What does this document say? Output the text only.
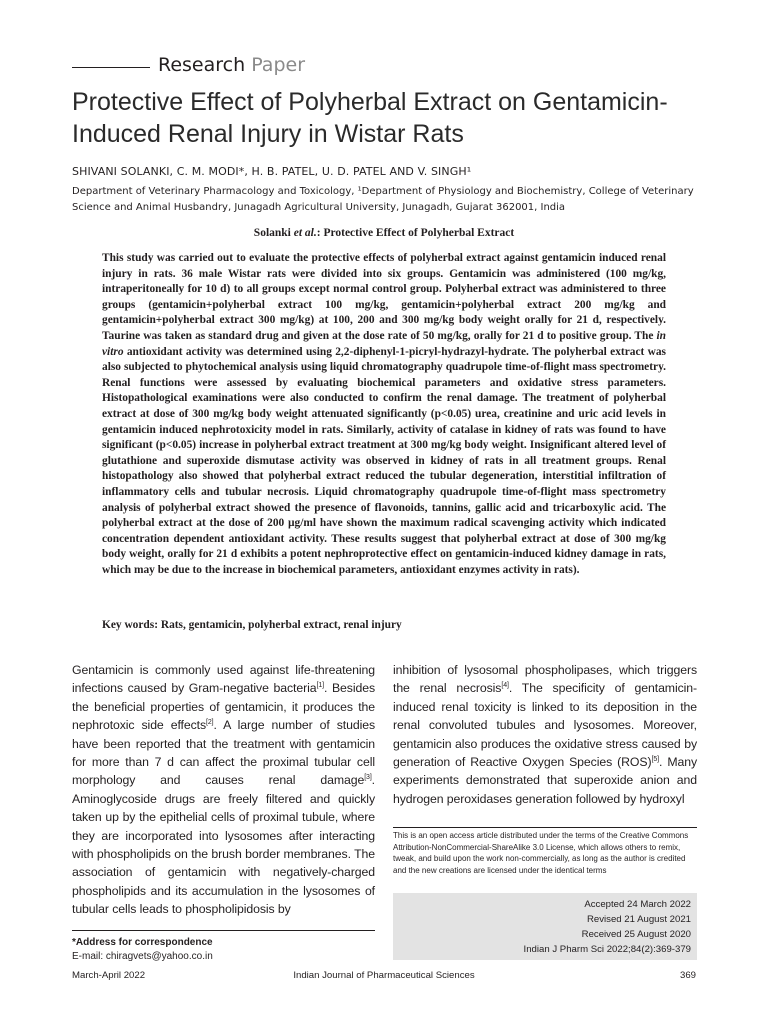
Research Paper
Protective Effect of Polyherbal Extract on Gentamicin-Induced Renal Injury in Wistar Rats
SHIVANI SOLANKI, C. M. MODI*, H. B. PATEL, U. D. PATEL AND V. SINGH¹
Department of Veterinary Pharmacology and Toxicology, ¹Department of Physiology and Biochemistry, College of Veterinary Science and Animal Husbandry, Junagadh Agricultural University, Junagadh, Gujarat 362001, India
Solanki et al.: Protective Effect of Polyherbal Extract

This study was carried out to evaluate the protective effects of polyherbal extract against gentamicin induced renal injury in rats. 36 male Wistar rats were divided into six groups. Gentamicin was administered (100 mg/kg, intraperitoneally for 10 d) to all groups except normal control group. Polyherbal extract was administered to three groups (gentamicin+polyherbal extract 100 mg/kg, gentamicin+polyherbal extract 200 mg/kg and gentamicin+polyherbal extract 300 mg/kg) at 100, 200 and 300 mg/kg body weight orally for 21 d, respectively. Taurine was taken as standard drug and given at the dose rate of 50 mg/kg, orally for 21 d to positive group. The in vitro antioxidant activity was determined using 2,2-diphenyl-1-picryl-hydrazyl-hydrate. The polyherbal extract was also subjected to phytochemical analysis using liquid chromatography quadrupole time-of-flight mass spectrometry. Renal functions were assessed by evaluating biochemical parameters and oxidative stress parameters. Histopathological examinations were also conducted to confirm the renal damage. The treatment of polyherbal extract at dose of 300 mg/kg body weight attenuated significantly (p<0.05) urea, creatinine and uric acid levels in gentamicin induced nephrotoxicity model in rats. Similarly, activity of catalase in kidney of rats was found to have significant (p<0.05) increase in polyherbal extract treatment at 300 mg/kg body weight. Insignificant altered level of glutathione and superoxide dismutase activity was observed in kidney of rats in all treatment groups. Renal histopathology also showed that polyherbal extract reduced the tubular degeneration, interstitial infiltration of inflammatory cells and tubular necrosis. Liquid chromatography quadrupole time-of-flight mass spectrometry analysis of polyherbal extract showed the presence of flavonoids, tannins, gallic acid and tricarboxylic acid. The polyherbal extract at the dose of 200 µg/ml have shown the maximum radical scavenging activity which indicated concentration dependent antioxidant activity. These results suggest that polyherbal extract at dose of 300 mg/kg body weight, orally for 21 d exhibits a potent nephroprotective effect on gentamicin-induced kidney damage in rats, which may be due to the increase in biochemical parameters, antioxidant enzymes activity in rats).

Key words: Rats, gentamicin, polyherbal extract, renal injury

Gentamicin is commonly used against life-threatening infections caused by Gram-negative bacteria[1]. Besides the beneficial properties of gentamicin, it produces the nephrotoxic side effects[2]. A large number of studies have been reported that the treatment with gentamicin for more than 7 d can affect the proximal tubular cell morphology and causes renal damage[3]. Aminoglycoside drugs are freely filtered and quickly taken up by the epithelial cells of proximal tubule, where they are incorporated into lysosomes after interacting with phospholipids on the brush border membranes. The association of gentamicin with negatively-charged phospholipids and its accumulation in the lysosomes of tubular cells leads to phospholipidosis by

inhibition of lysosomal phospholipases, which triggers the renal necrosis[4]. The specificity of gentamicin-induced renal toxicity is linked to its deposition in the renal convoluted tubules and lysosomes. Moreover, gentamicin also produces the oxidative stress caused by generation of Reactive Oxygen Species (ROS)[5]. Many experiments demonstrated that superoxide anion and hydrogen peroxidases generation followed by hydroxyl

This is an open access article distributed under the terms of the Creative Commons Attribution-NonCommercial-ShareAlike 3.0 License, which allows others to remix, tweak, and build upon the work non-commercially, as long as the author is credited and the new creations are licensed under the identical terms

Accepted 24 March 2022
Revised 21 August 2021
Received 25 August 2020
Indian J Pharm Sci 2022;84(2):369-379
*Address for correspondence
E-mail: chiragvets@yahoo.co.in
March-April 2022	Indian Journal of Pharmaceutical Sciences	369
